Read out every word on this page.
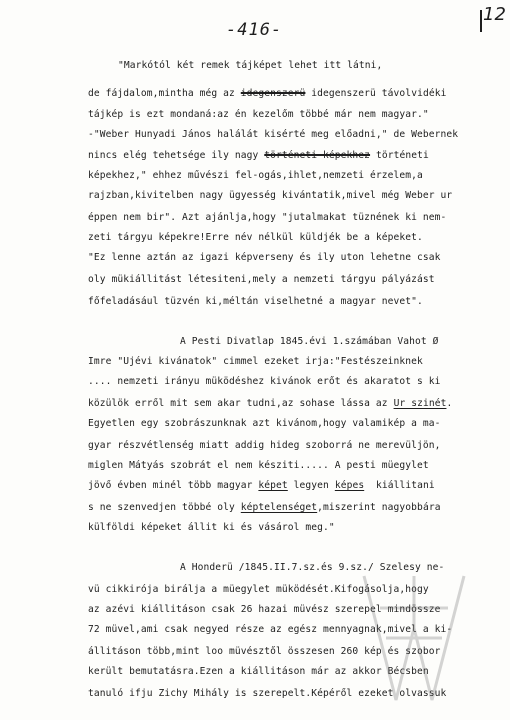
-416-
12
"Markótól két remek tájképet lehet itt látni,
de fájdalom,mintha még az idegenszerü idegenszerü távolvidéki
tájkép is ezt mondaná:az én kezelőm többé már nem magyar."
-"Weber Hunyadi János halálát kisérté meg előadni," de Webernek
nincs elég tehetsége ily nagy történeti képekhez történeti
képekhez," ehhez művészi fel-ogás,ihlet,nemzeti érzelem,a
rajzban,kivitelben nagy ügyesség kivántatik,mivel még Weber ur
éppen nem bir". Azt ajánlja,hogy "jutalmakat tüznének ki nem-
zeti tárgyu képekre!Erre név nélkül küldjék be a képeket.
"Ez lenne aztán az igazi képverseny és ily uton lehetne csak
oly mükiállitást létesiteni,mely a nemzeti tárgyu pályázást
főfeladásául tüzvén ki,méltán viselhetné a magyar nevet".
A Pesti Divatlap 1845.évi 1.számában Vahot Ø
Imre "Ujévi kivánatok" cimmel ezeket irja:"Festészeinknek
.... nemzeti irányu müködéshez kivánok erőt és akaratot s ki
közülök erről mit sem akar tudni,az sohase lássa az Ur szinét.
Egyetlen egy szobrászunknak azt kivánom,hogy valamikép a ma-
gyar részvétlenség miatt addig hideg szoborrá ne merevüljön,
miglen Mátyás szobrát el nem késziti..... A pesti müegylet
jövő évben minél több magyar képet legyen képes  kiállitani
s ne szenvedjen többé oly képtelenséget,miszerint nagyobbára
külföldi képeket állit ki és vásárol meg."
A Honderü /1845.II.7.sz.és 9.sz./ Szelesy ne-
vü cikkirója birálja a müegylet müködését.Kifogásolja,hogy
az azévi kiállitáson csak 26 hazai müvész szerepel mindössze
72 müvel,ami csak negyed része az egész mennyagnak,mivel a ki-
állitáson több,mint loo müvésztől összesen 260 kép és szobor
került bemutatásra.Ezen a kiállitáson már az akkor Bécsben
tanuló ifju Zichy Mihály is szerepelt.Képéről ezeket olvassuk
